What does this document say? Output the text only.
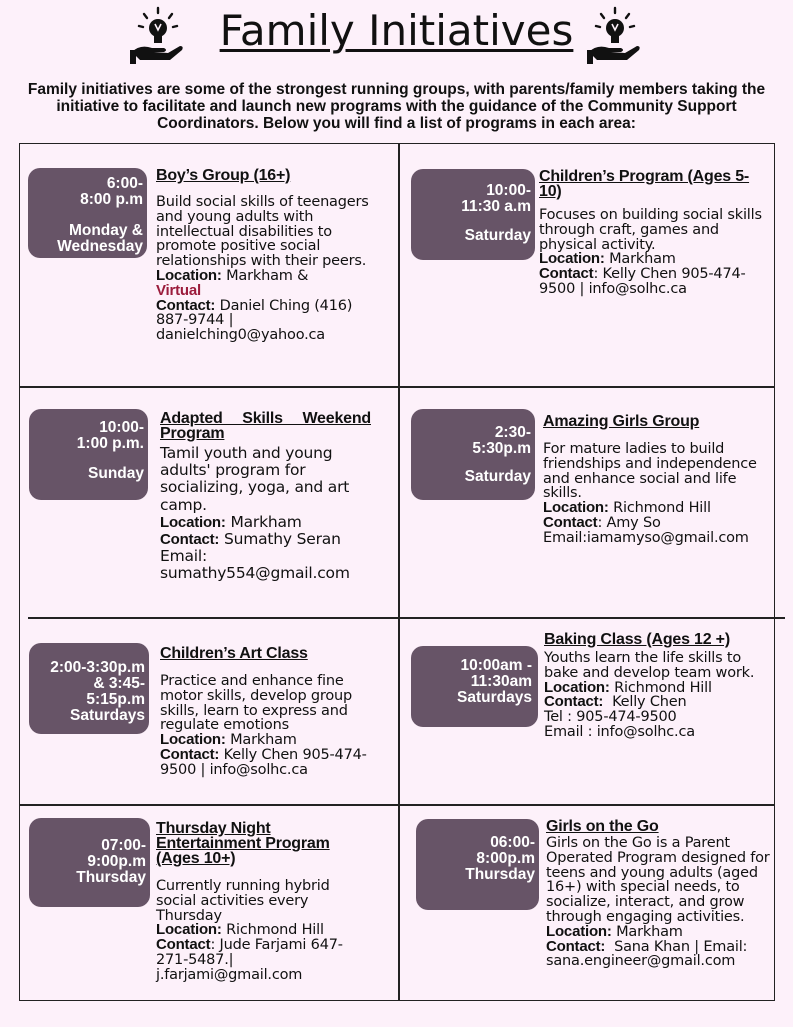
Family Initiatives
Family initiatives are some of the strongest running groups, with parents/family members taking the initiative to facilitate and launch new programs with the guidance of the Community Support Coordinators. Below you will find a list of programs in each area:
6:00-
8:00 p.m
Monday &
Wednesday
Boy’s Group (16+)

Build social skills of teenagers and young adults with intellectual disabilities to promote positive social relationships with their peers.

Location: Markham &
Virtual

Contact: Daniel Ching (416) 887-9744 | danielching0@yahoo.ca

10:00-
11:30 a.m
Saturday
Children’s Program (Ages 5-10)

Focuses on building social skills through craft, games and physical activity.

Location: Markham

Contact: Kelly Chen 905-474-9500 | info@solhc.ca

10:00-
1:00 p.m.
Sunday
Adapted Skills Weekend Program

Tamil youth and young adults' program for socializing, yoga, and art camp.

Location: Markham

Contact: Sumathy Seran

Email:

sumathy554@gmail.com

2:30-
5:30p.m
Saturday
Amazing Girls Group

For mature ladies to build friendships and independence and enhance social and life skills.

Location: Richmond Hill

Contact: Amy So

Email:iamamyso@gmail.com

2:00-3:30p.m
& 3:45-
5:15p.m
Saturdays
Children’s Art Class

Practice and enhance fine motor skills, develop group skills, learn to express and regulate emotions

Location: Markham

Contact: Kelly Chen 905-474-9500 | info@solhc.ca

10:00am -
11:30am
Saturdays
Baking Class (Ages 12 +)

Youths learn the life skills to bake and develop team work.

Location: Richmond Hill

Contact: Kelly Chen

Tel : 905-474-9500

Email : info@solhc.ca

07:00-
9:00p.m
Thursday
Thursday Night Entertainment Program (Ages 10+)

Currently running hybrid social activities every Thursday

Location: Richmond Hill

Contact: Jude Farjami 647-271-5487.| j.farjami@gmail.com

06:00-
8:00p.m
Thursday
Girls on the Go

Girls on the Go is a Parent Operated Program designed for teens and young adults (aged 16+) with special needs, to socialize, interact, and grow through engaging activities.

Location: Markham

Contact: Sana Khan | Email: sana.engineer@gmail.com
